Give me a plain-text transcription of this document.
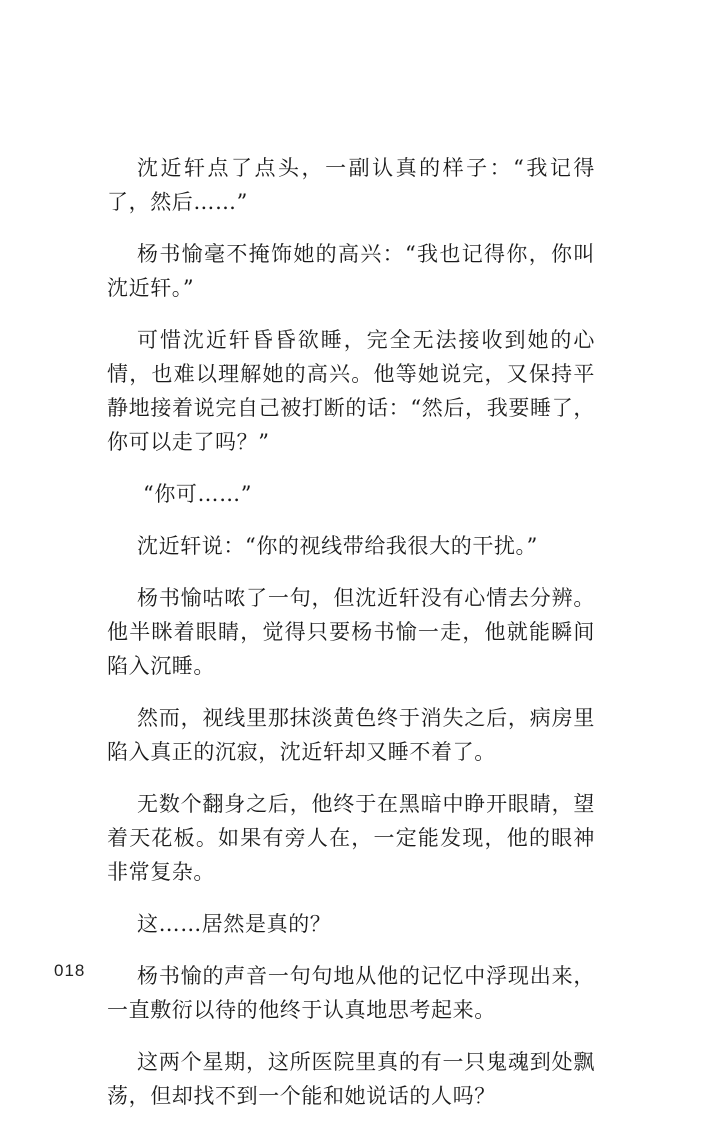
沈近轩点了点头，一副认真的样子：“我记得了，然后……”

杨书愉毫不掩饰她的高兴：“我也记得你，你叫沈近轩。”

可惜沈近轩昏昏欲睡，完全无法接收到她的心情，也难以理解她的高兴。他等她说完，又保持平静地接着说完自己被打断的话：“然后，我要睡了，你可以走了吗？”

“你可……”

沈近轩说：“你的视线带给我很大的干扰。”

杨书愉咕哝了一句，但沈近轩没有心情去分辨。他半眯着眼睛，觉得只要杨书愉一走，他就能瞬间陷入沉睡。

然而，视线里那抹淡黄色终于消失之后，病房里陷入真正的沉寂，沈近轩却又睡不着了。

无数个翻身之后，他终于在黑暗中睁开眼睛，望着天花板。如果有旁人在，一定能发现，他的眼神非常复杂。

这……居然是真的？

杨书愉的声音一句句地从他的记忆中浮现出来，一直敷衍以待的他终于认真地思考起来。

这两个星期，这所医院里真的有一只鬼魂到处飘荡，但却找不到一个能和她说话的人吗？

018
